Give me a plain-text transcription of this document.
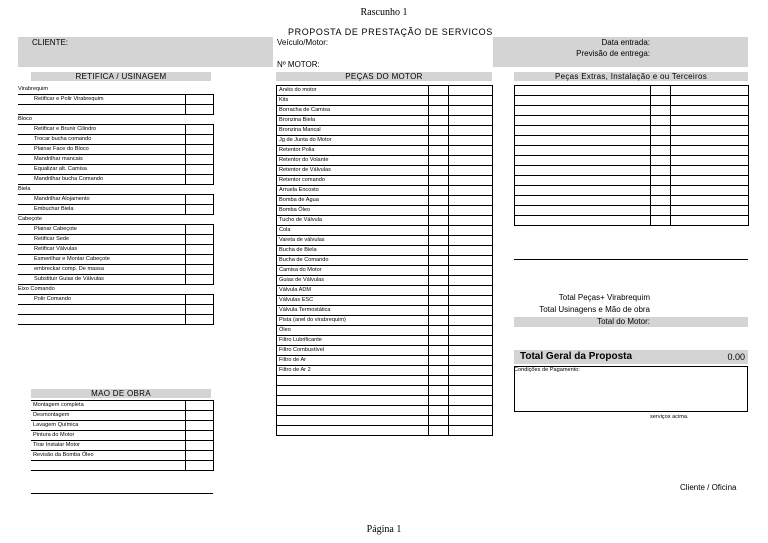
Rascunho 1
Página 1
PROPOSTA DE PRESTAÇÃO DE SERVICOS
CLIENTE:	Veículo/Motor:
Nº MOTOR:
Data entrada:
Previsão de entrega:
RETIFICA / USINAGEM	PEÇAS DO MOTOR	Peças Extras, Instalação e ou Terceiros
Virabrequim	
Retificar e Polir Virabrequim	

Bloco	
Retificar e Brunir Cilindro	
Trocar bucha comando	
Plainar Face do Bloco	
Mandrilhar mancais	
Equalizar alt. Camisa	
Mandrilhar bucha Comando	
Biela	
Mandrilhar Alojamento	
Embuchar Biela	
Cabeçote	
Plainar Cabeçote	
Retificar Sede	
Retificar Válvulas	
Esmerilhar e Montar Cabeçote	
embreckar comp. De massa	
Substituir Guias de Válvulas	
Eixo Comando	
Polir Comando	

MAO DE OBRA
Montagem completa	
Desmontagem	
Lavagem Química	
Pintura do Motor	
Tirar Instalar Motor	
Revisão da Bomba Óleo	

Anéis do motor		
Kits		
Borracha de Camisa		
Bronzina Biela		
Bronzina Mancal		
Jg de Junta do Motor		
Retentor Polia		
Retentor do Volante		
Retentor de Válvulas		
Retentor comando		
Arruela Encosto		
Bomba de Agua		
Bomba Óleo		
Tucho de Válvula		
Cola		
Vareta de válvulas		
Bucha de Biela		
Bucha de Comando		
Camisa do Motor		
Guias de Válvulas		
Válvula ADM		
Válvulas ESC		
Válvula Termostática		
Pista (anel do virabrequim)		
Óleo		
Filtro Lubrificante		
Filtro Combustível		
Filtro de Ar		
Filtro de Ar 2		

Total Peças+ Virabrequim
Total Usinagens e Mão de obra
Total do Motor:
Total Geral da Proposta	0.00
Condições de Pagamento:
serviços acima.
Cliente / Oficina
